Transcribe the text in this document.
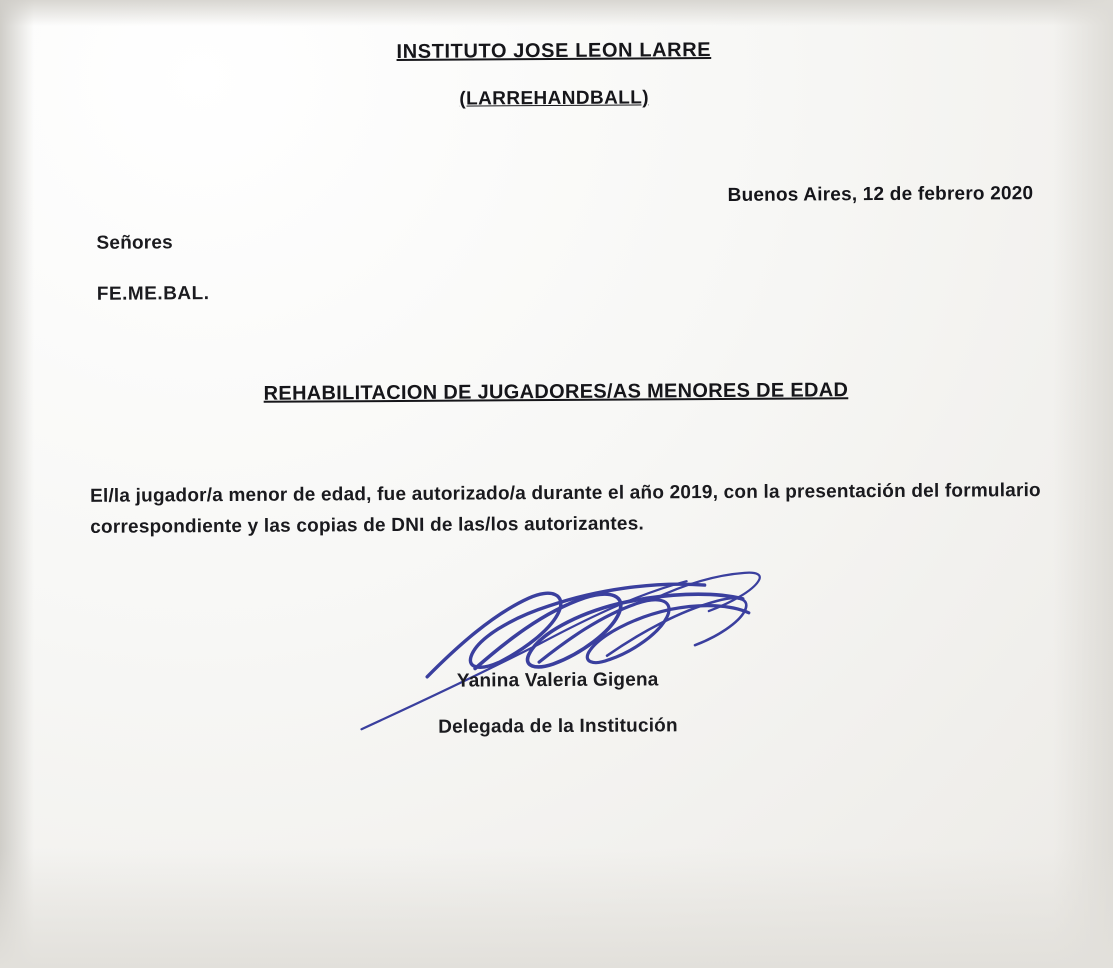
INSTITUTO JOSE LEON LARRE
(LARREHANDBALL)
Buenos Aires, 12 de febrero 2020
Señores
FE.ME.BAL.
REHABILITACION DE JUGADORES/AS MENORES DE EDAD
El/la jugador/a menor de edad, fue autorizado/a durante el año 2019, con la presentación del formulario correspondiente y las copias de DNI de las/los autorizantes.
Yanina Valeria Gigena
Delegada de la Institución
